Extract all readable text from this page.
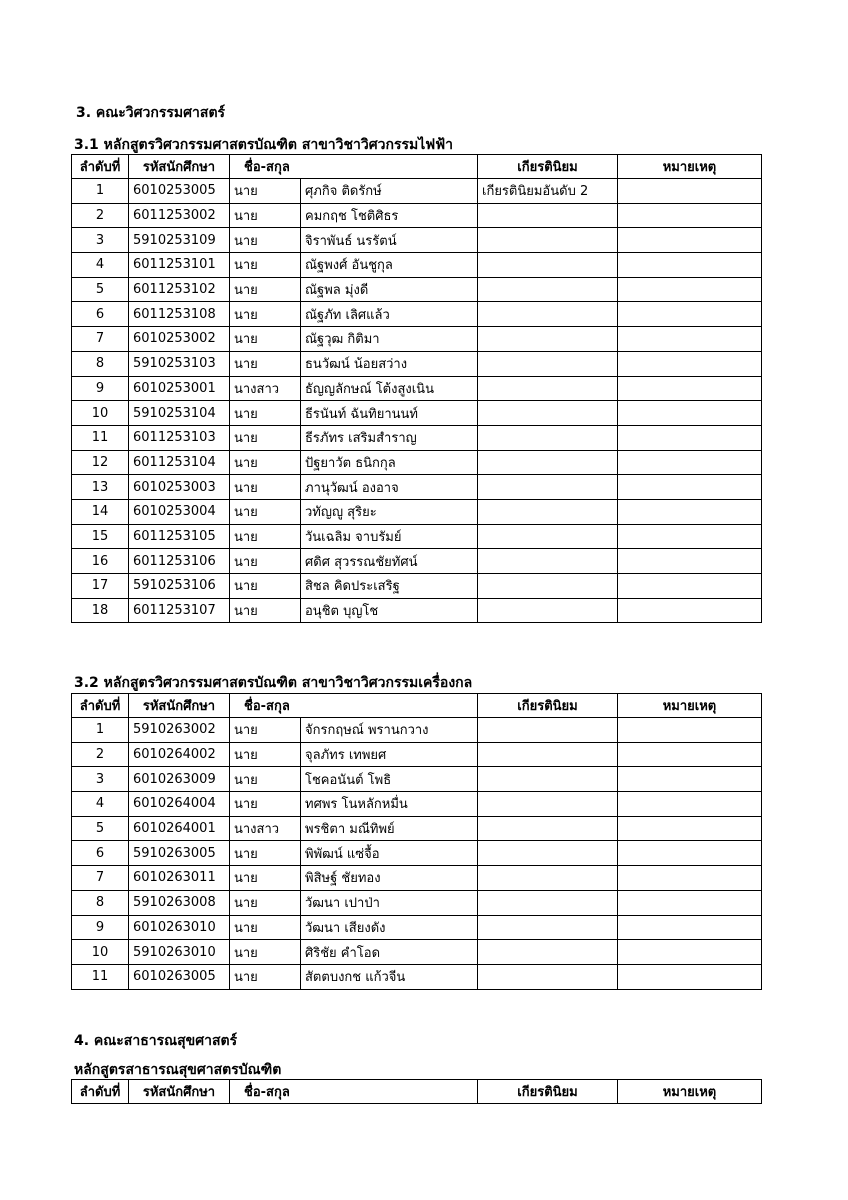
3. คณะวิศวกรรมศาสตร์
3.1 หลักสูตรวิศวกรรมศาสตรบัณฑิต สาขาวิชาวิศวกรรมไฟฟ้า
ลำดับที่	รหัสนักศึกษา	ชื่อ-สกุล		เกียรตินิยม	หมายเหตุ
1	6010253005	นาย	ศุภกิจ ติดรักษ์	เกียรตินิยมอันดับ 2	
2	6011253002	นาย	คมกฤช โชติศิธร		
3	5910253109	นาย	จิราพันธ์ นรรัตน์		
4	6011253101	นาย	ณัฐพงศ์ อันชูกุล		
5	6011253102	นาย	ณัฐพล มุ่งดี		
6	6011253108	นาย	ณัฐภัท เลิศแล้ว		
7	6010253002	นาย	ณัฐวุฒ กิติมา		
8	5910253103	นาย	ธนวัฒน์ น้อยสว่าง		
9	6010253001	นางสาว	ธัญญลักษณ์ โต้งสูงเนิน		
10	5910253104	นาย	ธีรนันท์ ฉันทิยานนท์		
11	6011253103	นาย	ธีรภัทร เสริมสำราญ		
12	6011253104	นาย	ปัฐยาวัต ธนิกกุล		
13	6010253003	นาย	ภานุวัฒน์ องอาจ		
14	6010253004	นาย	วทัญญู สุริยะ		
15	6011253105	นาย	วันเฉลิม จาบรัมย์		
16	6011253106	นาย	ศดิศ สุวรรณชัยทัศน์		
17	5910253106	นาย	สิชล คิดประเสริฐ		
18	6011253107	นาย	อนุชิต บุญโช		
3.2 หลักสูตรวิศวกรรมศาสตรบัณฑิต สาขาวิชาวิศวกรรมเครื่องกล
ลำดับที่	รหัสนักศึกษา	ชื่อ-สกุล		เกียรตินิยม	หมายเหตุ
1	5910263002	นาย	จักรกฤษณ์ พรานกวาง		
2	6010264002	นาย	จุลภัทร เทพยศ		
3	6010263009	นาย	โชคอนันต์ โพธิ		
4	6010264004	นาย	ทศพร โนหลักหมื่น		
5	6010264001	นางสาว	พรชิตา มณีทิพย์		
6	5910263005	นาย	พิพัฒน์ แซ่จื้อ		
7	6010263011	นาย	พิสิษฐ์ ชัยทอง		
8	5910263008	นาย	วัฒนา เปาป่า		
9	6010263010	นาย	วัฒนา เสียงดัง		
10	5910263010	นาย	ศิริชัย คำโอด		
11	6010263005	นาย	สัตตบงกช แก้วจีน		
4. คณะสาธารณสุขศาสตร์
หลักสูตรสาธารณสุขศาสตรบัณฑิต
ลำดับที่	รหัสนักศึกษา	ชื่อ-สกุล	เกียรตินิยม	หมายเหตุ
